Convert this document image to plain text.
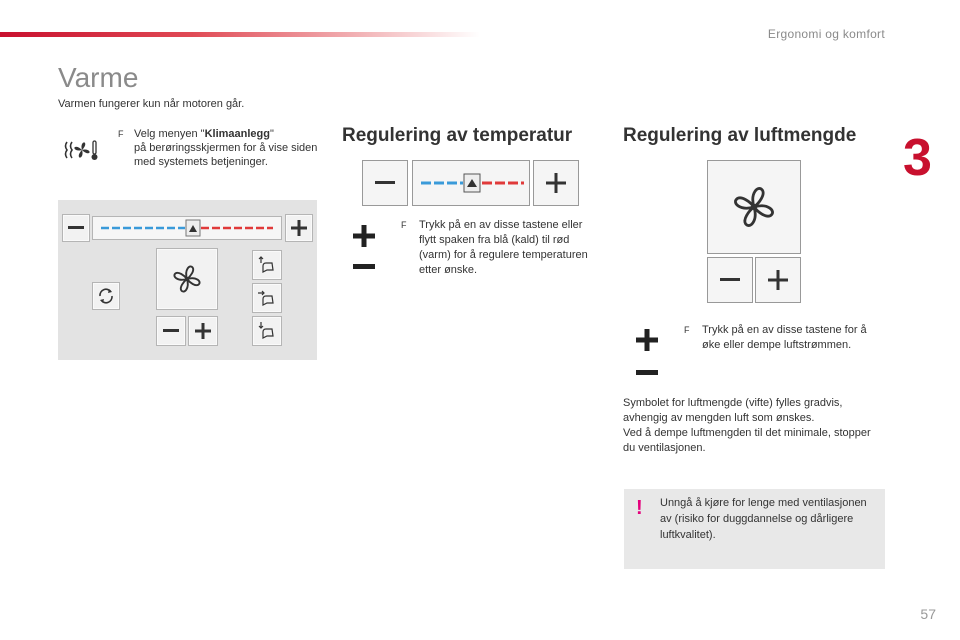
Ergonomi og komfort
3
Varme
Varmen fungerer kun når motoren går.
F Velg menyen "Klimaanlegg"
på berøringsskjermen for å vise siden med systemets betjeninger.
Regulering av temperatur
F	Trykk på en av disse tastene eller flytt spaken fra blå (kald) til rød (varm) for å regulere temperaturen etter ønske.
Regulering av luftmengde
F	Trykk på en av disse tastene for å øke eller dempe luftstrømmen.
Symbolet for luftmengde (vifte) fylles gradvis, avhengig av mengden luft som ønskes.
Ved å dempe luftmengden til det minimale, stopper du ventilasjonen.
! Unngå å kjøre for lenge med ventilasjonen av (risiko for duggdannelse og dårligere luftkvalitet).
57
